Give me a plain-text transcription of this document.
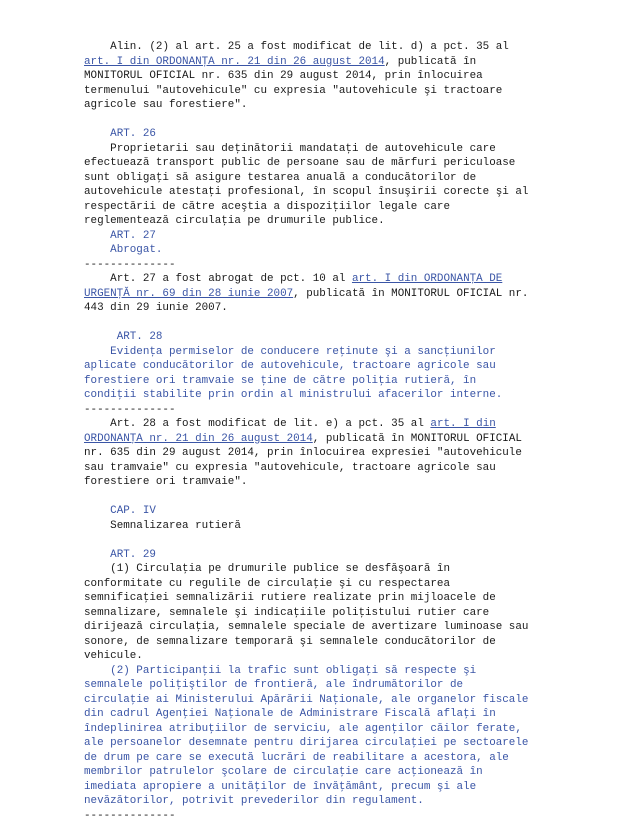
Alin. (2) al art. 25 a fost modificat de lit. d) a pct. 35 al
art. I din ORDONANŢA nr. 21 din 26 august 2014, publicată în
MONITORUL OFICIAL nr. 635 din 29 august 2014, prin înlocuirea
termenului "autovehicule" cu expresia "autovehicule şi tractoare
agricole sau forestiere".

ART. 26

Proprietarii sau deţinătorii mandataţi de autovehicule care
efectuează transport public de persoane sau de mărfuri periculoase
sunt obligaţi să asigure testarea anuală a conducătorilor de
autovehicule atestaţi profesional, în scopul însuşirii corecte şi al
respectării de către aceştia a dispoziţiilor legale care
reglementează circulaţia pe drumurile publice.

ART. 27

Abrogat.

--------------

Art. 27 a fost abrogat de pct. 10 al art. I din ORDONANŢA DE
URGENŢĂ nr. 69 din 28 iunie 2007, publicată în MONITORUL OFICIAL nr.
443 din 29 iunie 2007.

ART. 28

Evidenţa permiselor de conducere reţinute şi a sancţiunilor
aplicate conducătorilor de autovehicule, tractoare agricole sau
forestiere ori tramvaie se ţine de către poliţia rutieră, în
condiţii stabilite prin ordin al ministrului afacerilor interne.

--------------

Art. 28 a fost modificat de lit. e) a pct. 35 al art. I din
ORDONANŢA nr. 21 din 26 august 2014, publicată în MONITORUL OFICIAL
nr. 635 din 29 august 2014, prin înlocuirea expresiei "autovehicule
sau tramvaie" cu expresia "autovehicule, tractoare agricole sau
forestiere ori tramvaie".

CAP. IV

Semnalizarea rutieră

ART. 29

(1) Circulaţia pe drumurile publice se desfăşoară în
conformitate cu regulile de circulaţie şi cu respectarea
semnificaţiei semnalizării rutiere realizate prin mijloacele de
semnalizare, semnalele şi indicaţiile poliţistului rutier care
dirijează circulaţia, semnalele speciale de avertizare luminoase sau
sonore, de semnalizare temporară şi semnalele conducătorilor de
vehicule.

(2) Participanţii la trafic sunt obligaţi să respecte şi
semnalele poliţiştilor de frontieră, ale îndrumătorilor de
circulaţie ai Ministerului Apărării Naţionale, ale organelor fiscale
din cadrul Agenţiei Naţionale de Administrare Fiscală aflaţi în
îndeplinirea atribuţiilor de serviciu, ale agenţilor căilor ferate,
ale persoanelor desemnate pentru dirijarea circulaţiei pe sectoarele
de drum pe care se execută lucrări de reabilitare a acestora, ale
membrilor patrulelor şcolare de circulaţie care acţionează în
imediata apropiere a unităţilor de învăţământ, precum şi ale
nevăzătorilor, potrivit prevederilor din regulament.

--------------
